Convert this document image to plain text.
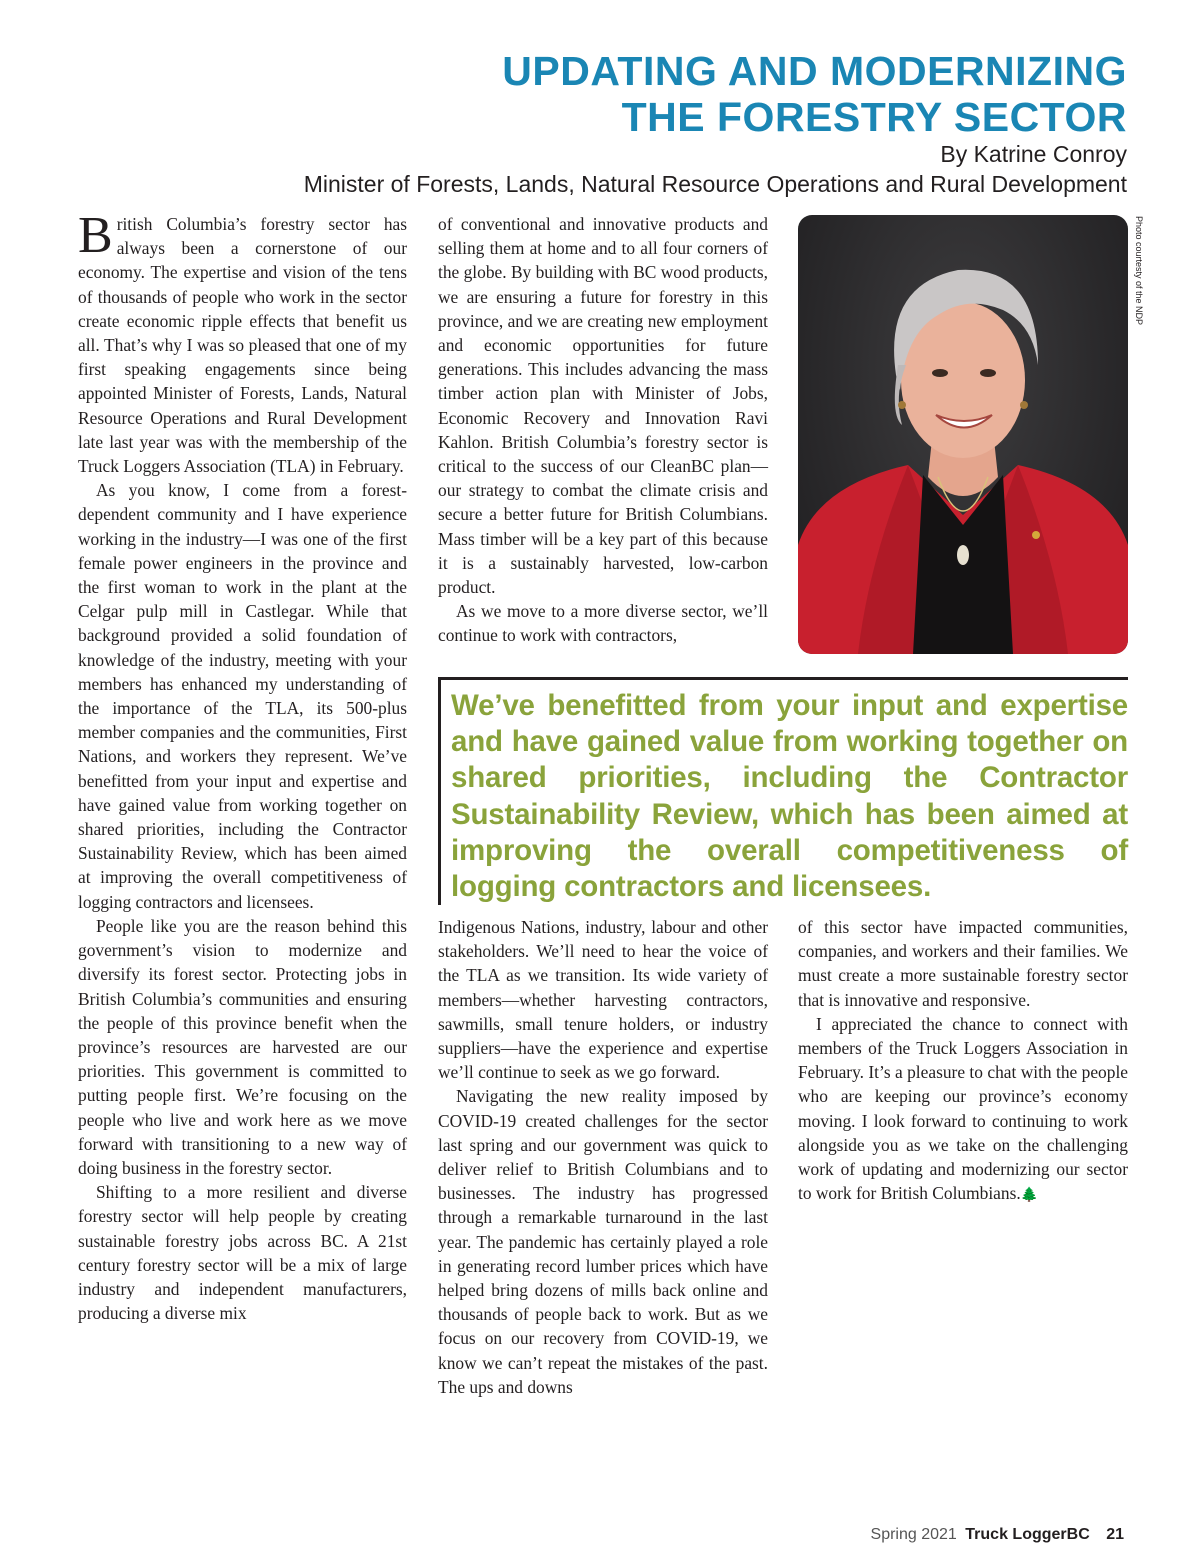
UPDATING AND MODERNIZING
THE FORESTRY SECTOR
By Katrine Conroy
Minister of Forests, Lands, Natural Resource Operations and Rural Development

British Columbia’s forestry sector has always been a cornerstone of our economy. The expertise and vision of the tens of thousands of people who work in the sector create economic ripple effects that benefit us all. That’s why I was so pleased that one of my first speaking engagements since being appointed Minister of Forests, Lands, Natural Resource Operations and Rural Development late last year was with the membership of the Truck Loggers Association (TLA) in February.

As you know, I come from a forest-dependent community and I have experience working in the industry—I was one of the first female power engineers in the province and the first woman to work in the plant at the Celgar pulp mill in Castlegar. While that background provided a solid foundation of knowledge of the industry, meeting with your members has enhanced my understanding of the importance of the TLA, its 500-plus member companies and the communities, First Nations, and workers they represent. We’ve benefitted from your input and expertise and have gained value from working together on shared priorities, including the Contractor Sustainability Review, which has been aimed at improving the overall competitiveness of logging contractors and licensees.

People like you are the reason behind this government’s vision to modernize and diversify its forest sector. Protecting jobs in British Columbia’s communities and ensuring the people of this province benefit when the province’s resources are harvested are our priorities. This government is committed to putting people first. We’re focusing on the people who live and work here as we move forward with transitioning to a new way of doing business in the forestry sector.

Shifting to a more resilient and diverse forestry sector will help people by creating sustainable forestry jobs across BC. A 21st century forestry sector will be a mix of large industry and independent manufacturers, producing a diverse mix

of conventional and innovative products and selling them at home and to all four corners of the globe. By building with BC wood products, we are ensuring a future for forestry in this province, and we are creating new employment and economic opportunities for future generations. This includes advancing the mass timber action plan with Minister of Jobs, Economic Recovery and Innovation Ravi Kahlon. British Columbia’s forestry sector is critical to the success of our CleanBC plan—our strategy to combat the climate crisis and secure a better future for British Columbians. Mass timber will be a key part of this because it is a sustainably harvested, low-carbon product.

As we move to a more diverse sector, we’ll continue to work with contractors,

Photo courtesty of the NDP

We’ve benefitted from your input and expertise and have gained value from working together on shared priorities, including the Contractor Sustainability Review, which has been aimed at improving the overall competitiveness of logging contractors and licensees.

Indigenous Nations, industry, labour and other stakeholders. We’ll need to hear the voice of the TLA as we transition. Its wide variety of members—whether harvesting contractors, sawmills, small tenure holders, or industry suppliers—have the experience and expertise we’ll continue to seek as we go forward.

Navigating the new reality imposed by COVID-19 created challenges for the sector last spring and our government was quick to deliver relief to British Columbians and to businesses. The industry has progressed through a remarkable turnaround in the last year. The pandemic has certainly played a role in generating record lumber prices which have helped bring dozens of mills back online and thousands of people back to work. But as we focus on our recovery from COVID-19, we know we can’t repeat the mistakes of the past. The ups and downs

of this sector have impacted communities, companies, and workers and their families. We must create a more sustainable forestry sector that is innovative and responsive.

I appreciated the chance to connect with members of the Truck Loggers Association in February. It’s a pleasure to chat with the people who are keeping our province’s economy moving. I look forward to continuing to work alongside you as we take on the challenging work of updating and modernizing our sector to work for British Columbians.🌲

Spring 2021 Truck LoggerBC 21
